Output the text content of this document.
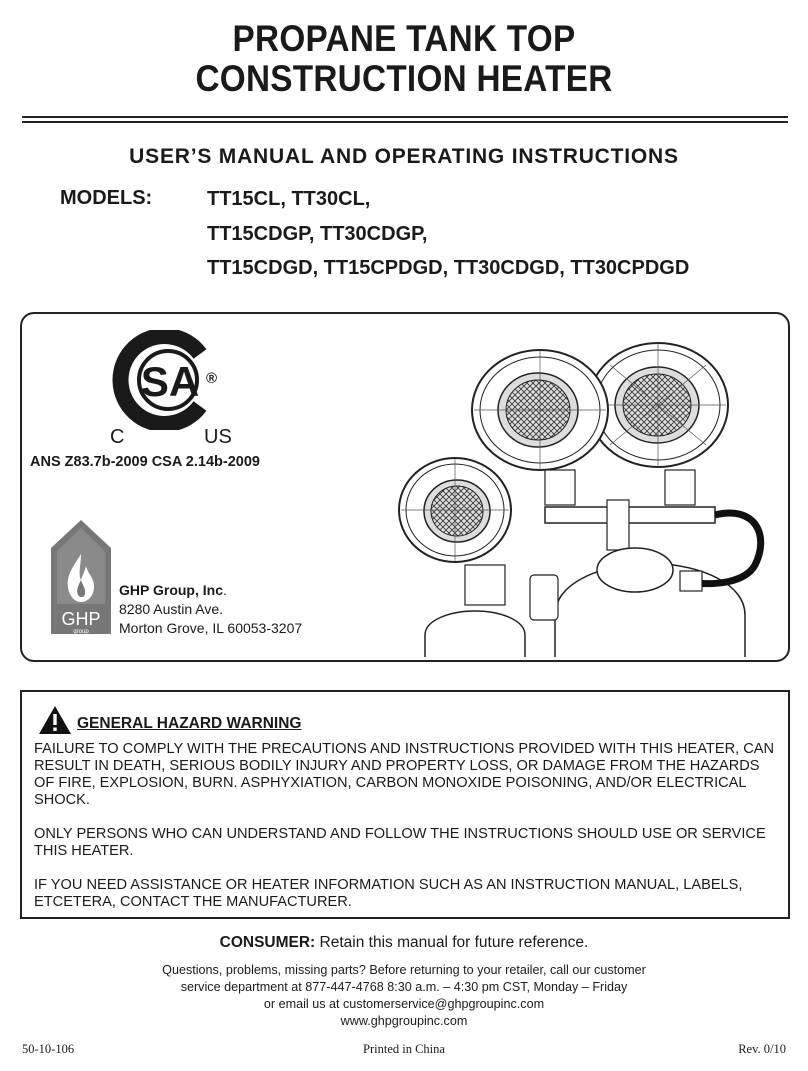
PROPANE TANK TOP
CONSTRUCTION HEATER
USER’S MANUAL AND OPERATING INSTRUCTIONS
MODELS:	TT15CL, TT30CL,
TT15CDGP, TT30CDGP,
TT15CDGD, TT15CPDGD, TT30CDGD, TT30CPDGD
SA ®
C	US
ANS Z83.7b-2009 CSA 2.14b-2009
GHP
group
GHP Group, Inc.
8280 Austin Ave.
Morton Grove, IL 60053-3207
GENERAL HAZARD WARNING
FAILURE TO COMPLY WITH THE PRECAUTIONS AND INSTRUCTIONS PROVIDED WITH THIS HEATER, CAN RESULT IN DEATH, SERIOUS BODILY INJURY AND PROPERTY LOSS, OR DAMAGE FROM THE HAZARDS OF FIRE, EXPLOSION, BURN. ASPHYXIATION, CARBON MONOXIDE POISONING, AND/OR ELECTRICAL SHOCK.
ONLY PERSONS WHO CAN UNDERSTAND AND FOLLOW THE INSTRUCTIONS SHOULD USE OR SERVICE THIS HEATER.
IF YOU NEED ASSISTANCE OR HEATER INFORMATION SUCH AS AN INSTRUCTION MANUAL, LABELS, ETCETERA, CONTACT THE MANUFACTURER.
CONSUMER: Retain this manual for future reference.
Questions, problems, missing parts? Before returning to your retailer, call our customer
service department at 877-447-4768 8:30 a.m. – 4:30 pm CST, Monday – Friday
or email us at customerservice@ghpgroupinc.com
www.ghpgroupinc.com
50-10-106	Printed in China	Rev. 0/10
